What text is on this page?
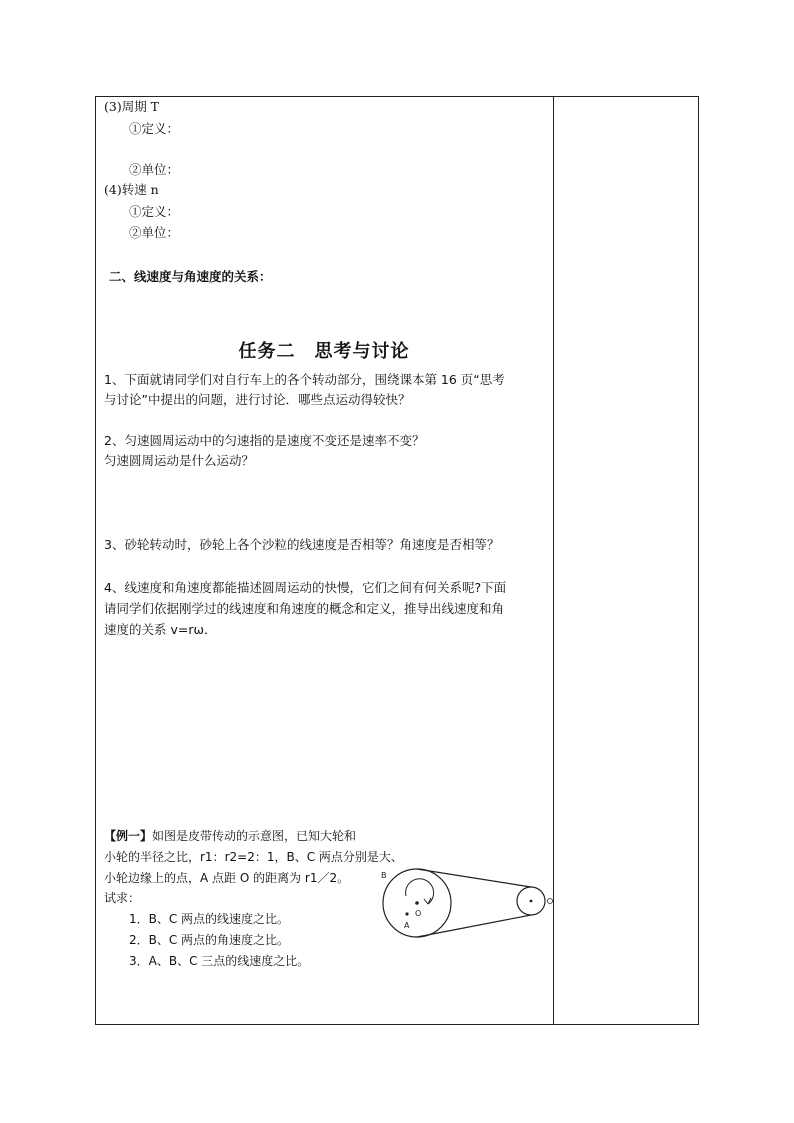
(3)周期 T
①定义：
②单位：
(4)转速 n
①定义：
②单位：
二、线速度与角速度的关系：
任务二　思考与讨论
1、下面就请同学们对自行车上的各个转动部分，围绕课本第 16 页“思考
与讨论”中提出的问题，进行讨论．哪些点运动得较快？
2、匀速圆周运动中的匀速指的是速度不变还是速率不变？
匀速圆周运动是什么运动？
3、砂轮转动时，砂轮上各个沙粒的线速度是否相等？角速度是否相等？
4、线速度和角速度都能描述圆周运动的快慢，它们之间有何关系呢?下面
请同学们依据刚学过的线速度和角速度的概念和定义，推导出线速度和角
速度的关系 v=rω．
【例一】如图是皮带传动的示意图，已知大轮和
小轮的半径之比，r1：r2=2：1，B、C 两点分别是大、
小轮边缘上的点，A 点距 O 的距离为 r1／2。
试求：
1．B、C 两点的线速度之比。
2．B、C 两点的角速度之比。
3．A、B、C 三点的线速度之比。
B
O
A
